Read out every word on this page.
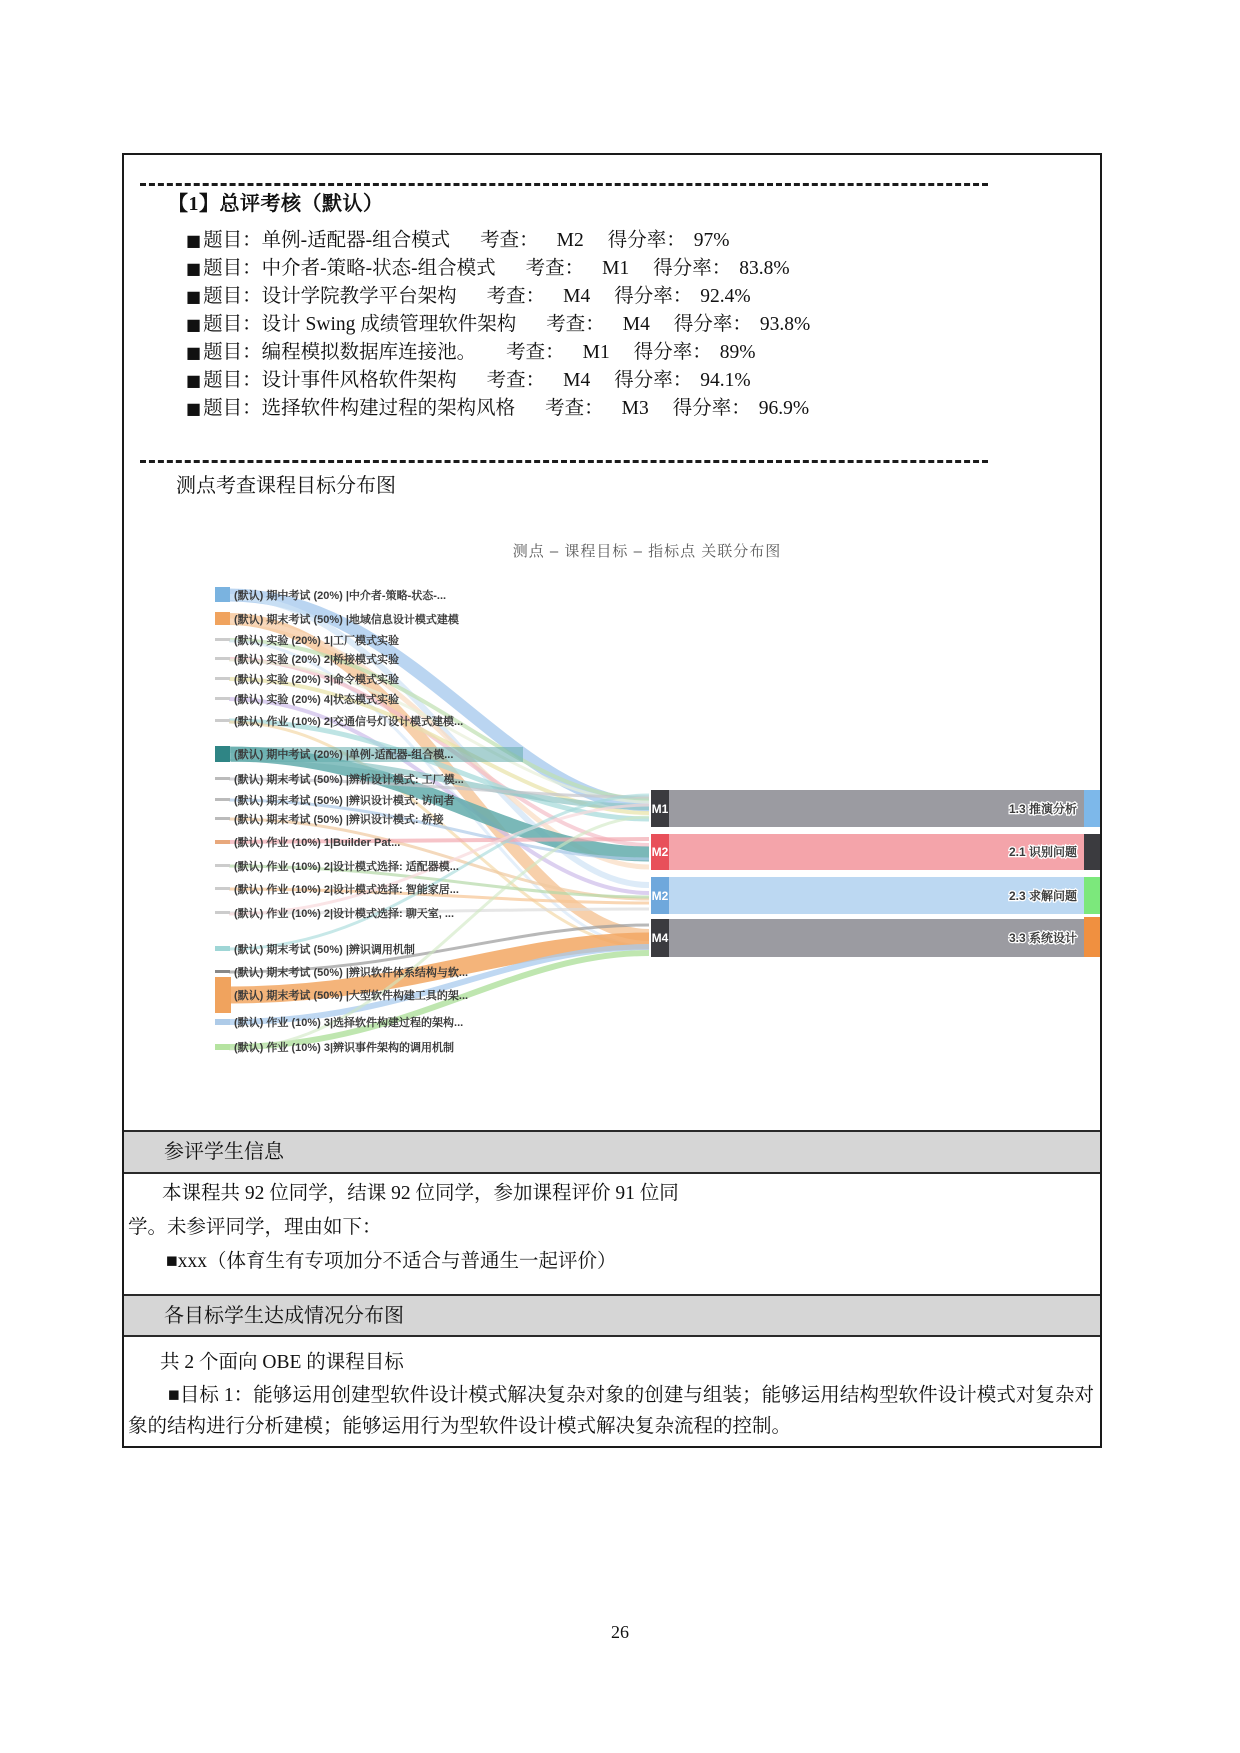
【1】总评考核（默认）
■ 题目：单例-适配器-组合模式 考查： M2 得分率： 97%
■ 题目：中介者-策略-状态-组合模式 考查： M1 得分率： 83.8%
■ 题目：设计学院教学平台架构 考查： M4 得分率： 92.4%
■ 题目：设计 Swing 成绩管理软件架构 考查： M4 得分率： 93.8%
■ 题目：编程模拟数据库连接池。 考查： M1 得分率： 89%
■ 题目：设计事件风格软件架构 考查： M4 得分率： 94.1%
■ 题目：选择软件构建过程的架构风格 考查： M3 得分率： 96.9%
测点考查课程目标分布图
测点 – 课程目标 – 指标点 关联分布图
(默认) 期中考试 (20%) |中介者-策略-状态-...
(默认) 期末考试 (50%) |地域信息设计模式建模
(默认) 实验 (20%) 1|工厂模式实验
(默认) 实验 (20%) 2|桥接模式实验
(默认) 实验 (20%) 3|命令模式实验
(默认) 实验 (20%) 4|状态模式实验
(默认) 作业 (10%) 2|交通信号灯设计模式建模...
(默认) 期中考试 (20%) |单例-适配器-组合模...
(默认) 期末考试 (50%) |辨析设计模式: 工厂模...
(默认) 期末考试 (50%) |辨识设计模式: 访问者
(默认) 期末考试 (50%) |辨识设计模式: 桥接
(默认) 作业 (10%) 1|Builder Pat...
(默认) 作业 (10%) 2|设计模式选择: 适配器模...
(默认) 作业 (10%) 2|设计模式选择: 智能家居...
(默认) 作业 (10%) 2|设计模式选择: 聊天室, ...
(默认) 期末考试 (50%) |辨识调用机制
(默认) 期末考试 (50%) |辨识软件体系结构与软...
(默认) 期末考试 (50%) |大型软件构建工具的架...
(默认) 作业 (10%) 3|选择软件构建过程的架构...
(默认) 作业 (10%) 3|辨识事件架构的调用机制
M1
M2
M2
M4
1.3 推演分析
2.1 识别问题
2.3 求解问题
3.3 系统设计
参评学生信息
本课程共 92 位同学，结课 92 位同学，参加课程评价 91 位同
学。未参评同学，理由如下：
■xxx（体育生有专项加分不适合与普通生一起评价）
各目标学生达成情况分布图
共 2 个面向 OBE 的课程目标

■目标 1：能够运用创建型软件设计模式解决复杂对象的创建与组装；能够运用结构型软件设计模式对复杂对象的结构进行分析建模；能够运用行为型软件设计模式解决复杂流程的控制。

26
